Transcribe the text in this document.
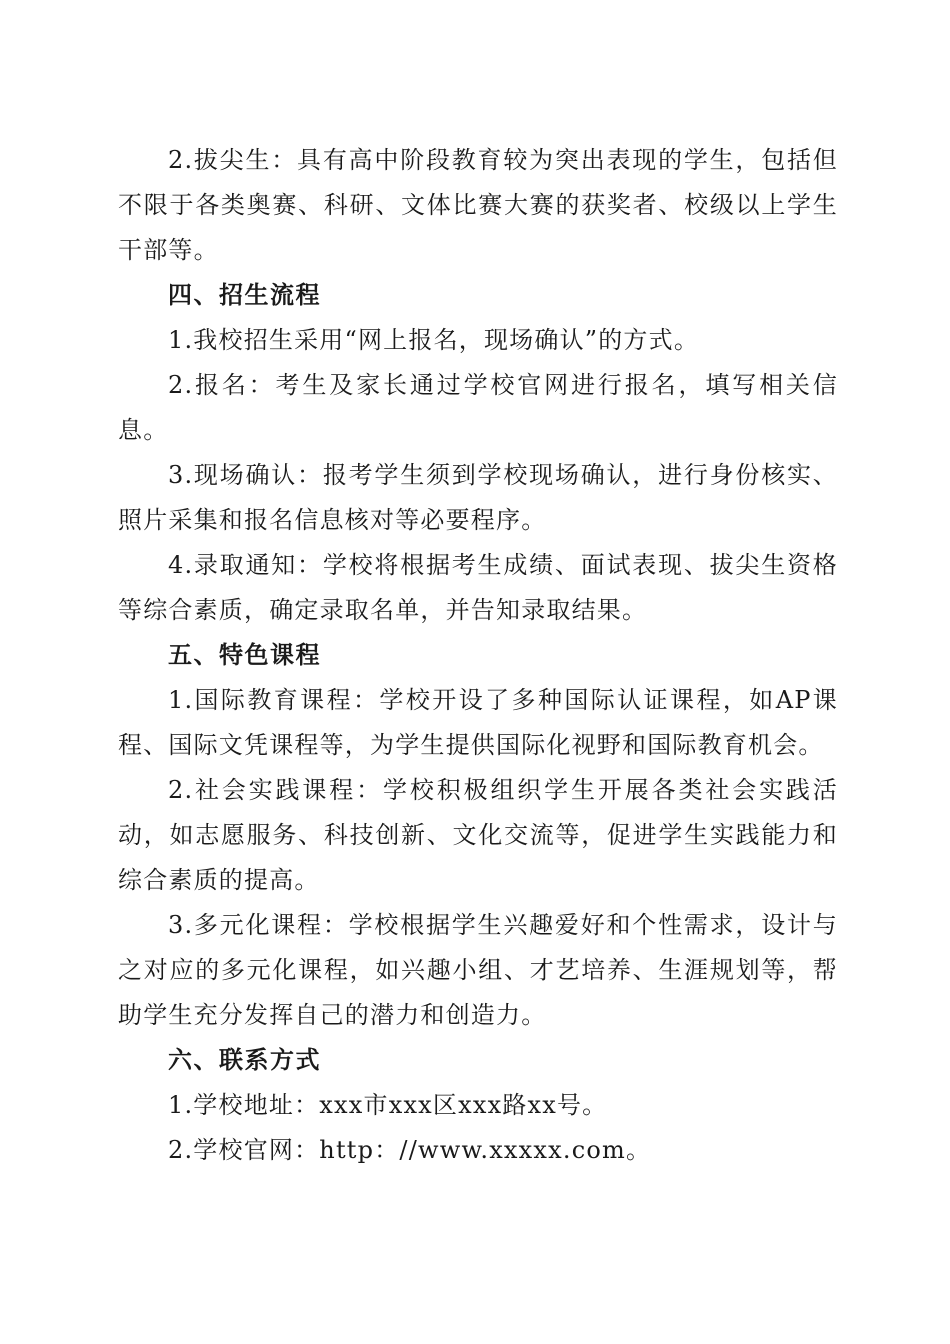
2.拔尖生：具有高中阶段教育较为突出表现的学生，包括但不限于各类奥赛、科研、文体比赛大赛的获奖者、校级以上学生干部等。

四、招生流程

1.我校招生采用“网上报名，现场确认”的方式。

2.报名：考生及家长通过学校官网进行报名，填写相关信息。

3.现场确认：报考学生须到学校现场确认，进行身份核实、照片采集和报名信息核对等必要程序。

4.录取通知：学校将根据考生成绩、面试表现、拔尖生资格等综合素质，确定录取名单，并告知录取结果。

五、特色课程

1.国际教育课程：学校开设了多种国际认证课程，如AP课程、国际文凭课程等，为学生提供国际化视野和国际教育机会。

2.社会实践课程：学校积极组织学生开展各类社会实践活动，如志愿服务、科技创新、文化交流等，促进学生实践能力和综合素质的提高。

3.多元化课程：学校根据学生兴趣爱好和个性需求，设计与之对应的多元化课程，如兴趣小组、才艺培养、生涯规划等，帮助学生充分发挥自己的潜力和创造力。

六、联系方式

1.学校地址：xxx市xxx区xxx路xx号。

2.学校官网：http：//www.xxxxx.com。
